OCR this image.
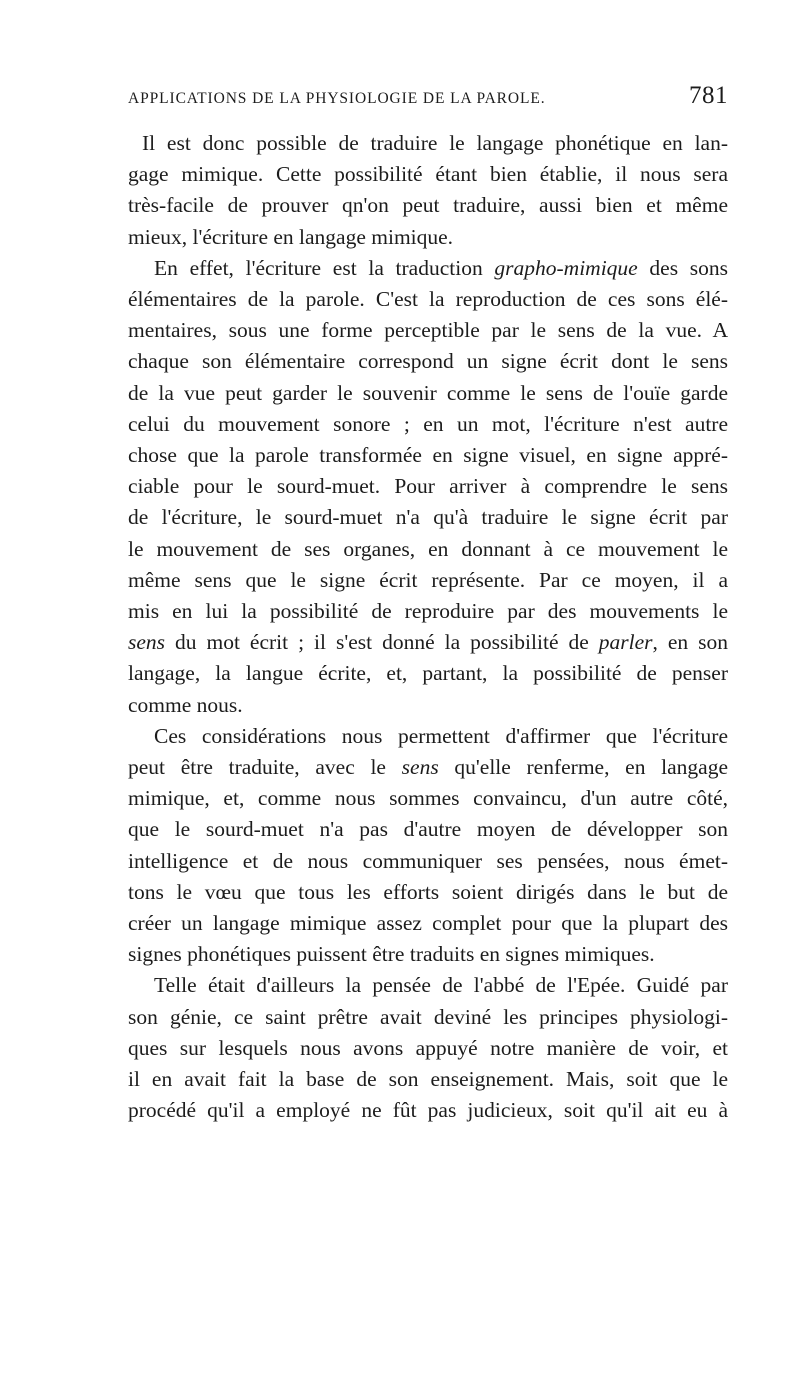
APPLICATIONS DE LA PHYSIOLOGIE DE LA PAROLE.	781
Il est donc possible de traduire le langage phonétique en lan-
gage mimique. Cette possibilité étant bien établie, il nous sera
très-facile de prouver qn'on peut traduire, aussi bien et même
mieux, l'écriture en langage mimique.
En effet, l'écriture est la traduction grapho-mimique des sons
élémentaires de la parole. C'est la reproduction de ces sons élé-
mentaires, sous une forme perceptible par le sens de la vue. A
chaque son élémentaire correspond un signe écrit dont le sens
de la vue peut garder le souvenir comme le sens de l'ouïe garde
celui du mouvement sonore ; en un mot, l'écriture n'est autre
chose que la parole transformée en signe visuel, en signe appré-
ciable pour le sourd-muet. Pour arriver à comprendre le sens
de l'écriture, le sourd-muet n'a qu'à traduire le signe écrit par
le mouvement de ses organes, en donnant à ce mouvement le
même sens que le signe écrit représente. Par ce moyen, il a
mis en lui la possibilité de reproduire par des mouvements le
sens du mot écrit ; il s'est donné la possibilité de parler, en son
langage, la langue écrite, et, partant, la possibilité de penser
comme nous.
Ces considérations nous permettent d'affirmer que l'écriture
peut être traduite, avec le sens qu'elle renferme, en langage
mimique, et, comme nous sommes convaincu, d'un autre côté,
que le sourd-muet n'a pas d'autre moyen de développer son
intelligence et de nous communiquer ses pensées, nous émet-
tons le vœu que tous les efforts soient dirigés dans le but de
créer un langage mimique assez complet pour que la plupart des
signes phonétiques puissent être traduits en signes mimiques.
Telle était d'ailleurs la pensée de l'abbé de l'Epée. Guidé par
son génie, ce saint prêtre avait deviné les principes physiologi-
ques sur lesquels nous avons appuyé notre manière de voir, et
il en avait fait la base de son enseignement. Mais, soit que le
procédé qu'il a employé ne fût pas judicieux, soit qu'il ait eu à
